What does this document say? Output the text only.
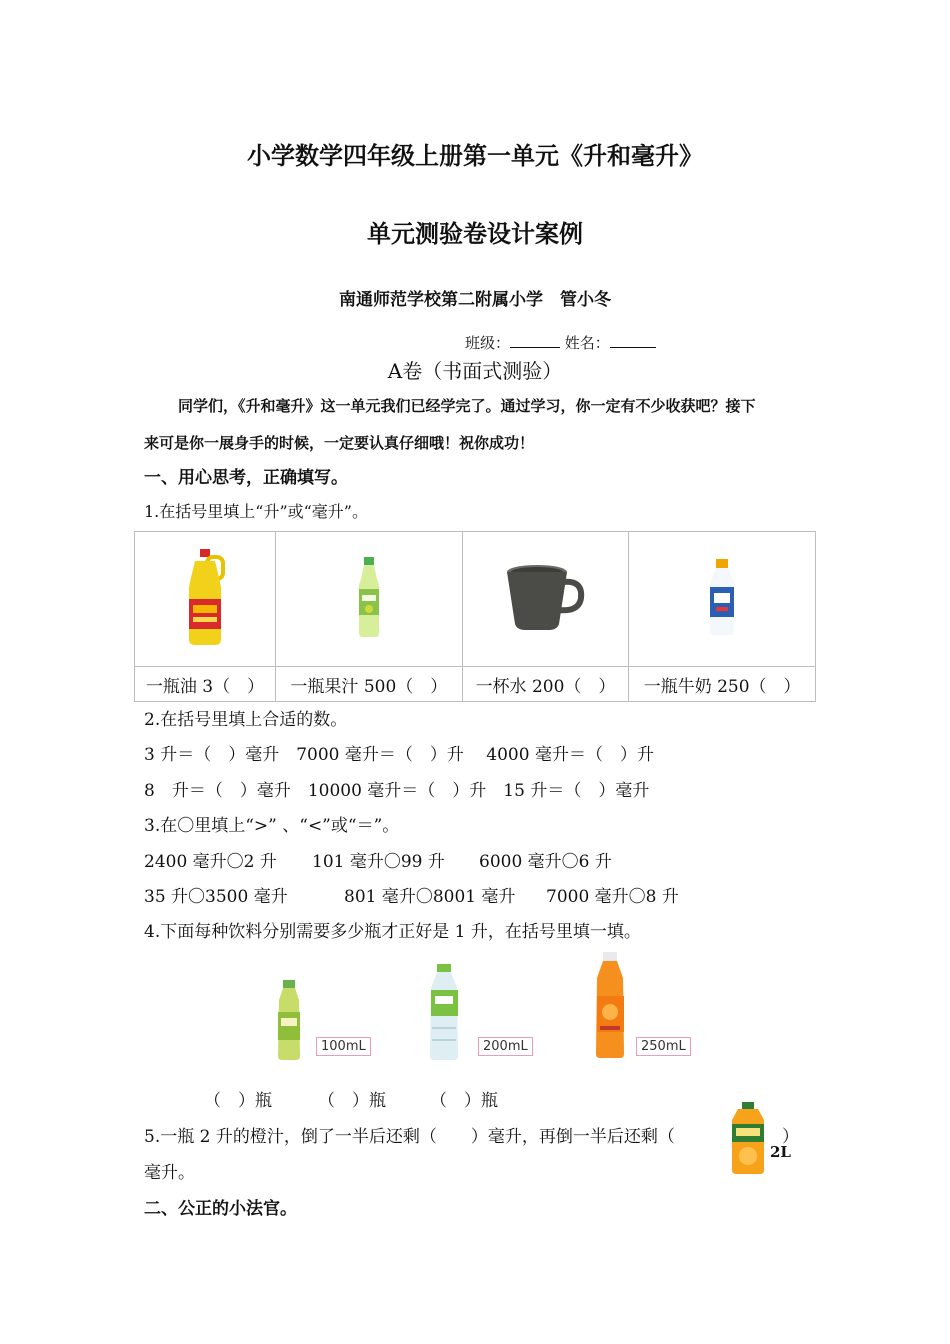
小学数学四年级上册第一单元《升和毫升》
单元测验卷设计案例
南通师范学校第二附属小学　管小冬
班级：	姓名：
A卷（书面式测验）
同学们，《升和毫升》这一单元我们已经学完了。通过学习，你一定有不少收获吧？接下
来可是你一展身手的时候，一定要认真仔细哦！祝你成功！
一、用心思考，正确填写。
1.在括号里填上“升”或“毫升”。

一瓶油 3（　）	一瓶果汁 500（　）	一杯水 200（　）	一瓶牛奶 250（　）
2.在括号里填上合适的数。
3 升＝（　）毫升　7000 毫升＝（　）升　 4000 毫升＝（　）升
8　升＝（　）毫升　10000 毫升＝（　）升　15 升＝（　）毫升
3.在〇里填上“>” 、“<”或“＝”。
2400 毫升〇2 升 101 毫升〇99 升 6000 毫升〇6 升
35 升〇3500 毫升	801 毫升〇8001 毫升 7000 毫升〇8 升
4.下面每种饮料分别需要多少瓶才正好是 1 升，在括号里填一填。
100mL	200mL	250mL
（　）瓶	（　）瓶	（　）瓶
5.一瓶 2 升的橙汁，倒了一半后还剩（　　）毫升，再倒一半后还剩（	）
毫升。
2L
二、公正的小法官。
